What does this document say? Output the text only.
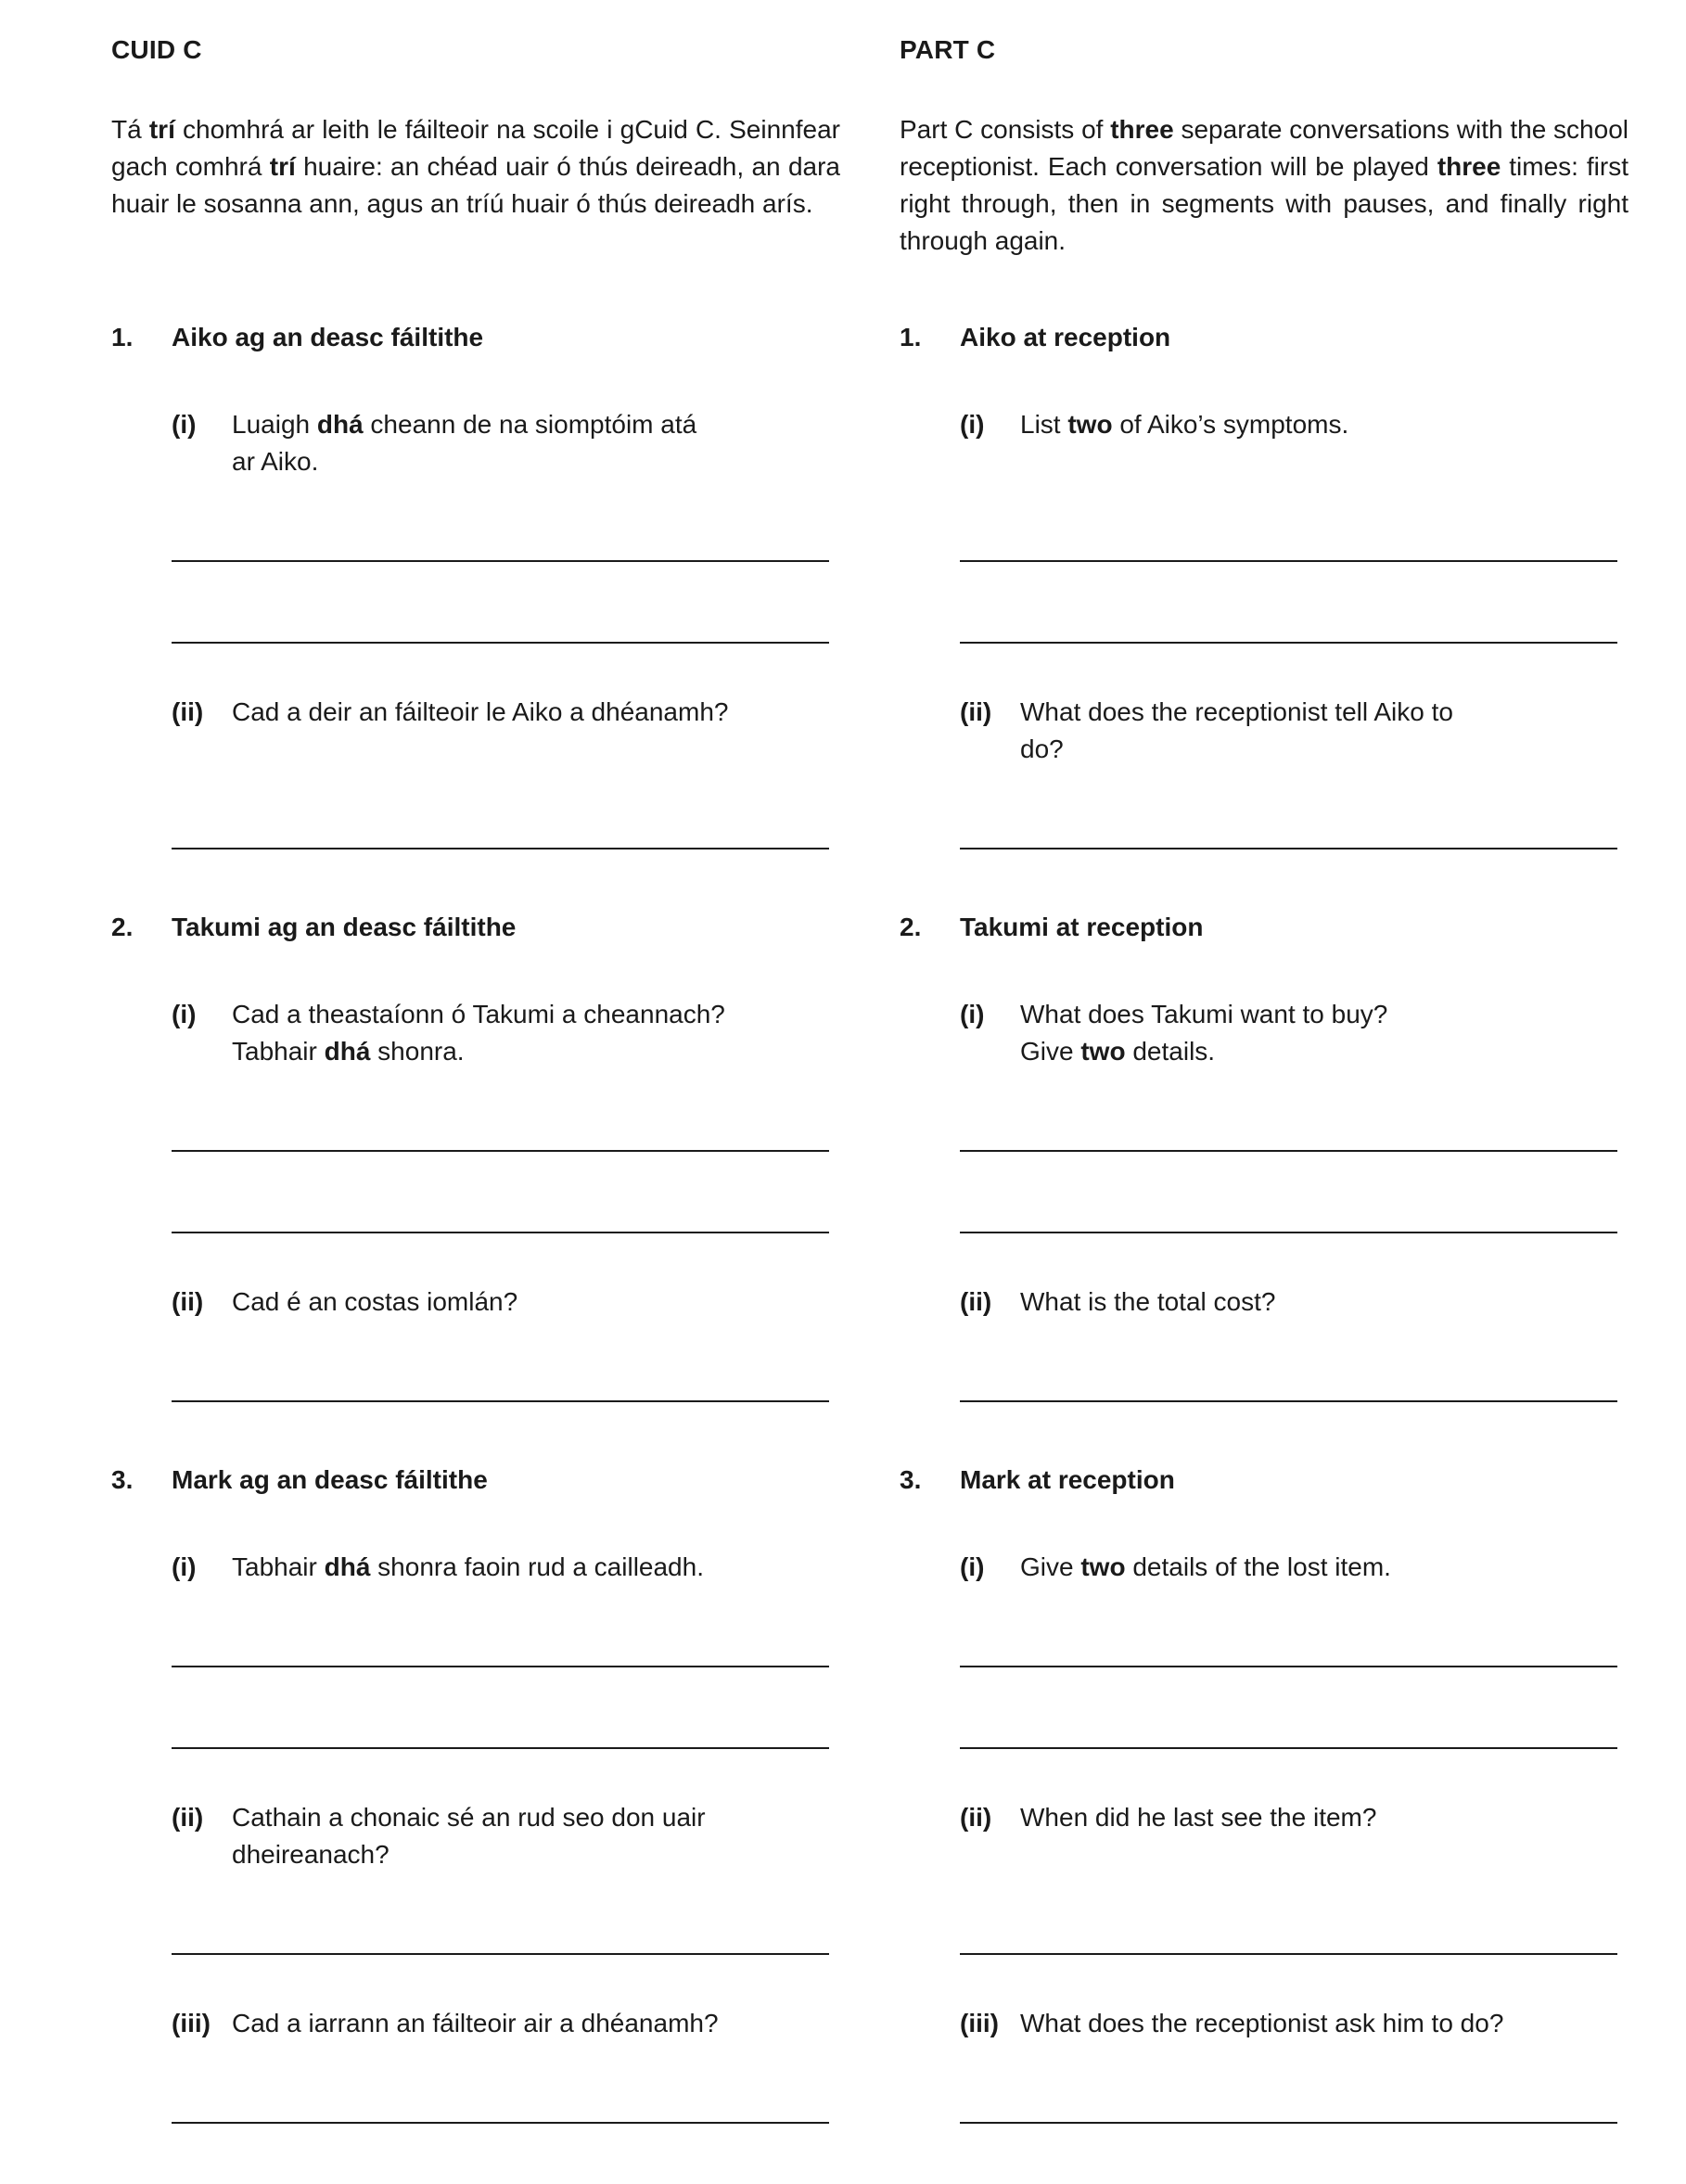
CUID C	PART C
Tá trí chomhrá ar leith le fáilteoir na scoile i gCuid C. Seinnfear gach comhrá trí huaire: an chéad uair ó thús deireadh, an dara huair le sosanna ann, agus an tríú huair ó thús deireadh arís.
Part C consists of three separate conversations with the school receptionist. Each conversation will be played three times: first right through, then in segments with pauses, and finally right through again.
1.	Aiko ag an deasc fáiltithe	1.	Aiko at reception
(i)	Luaigh dhá cheann de na siomptóim atá
ar Aiko.
(i)	List two of Aiko’s symptoms.
(ii)	Cad a deir an fáilteoir le Aiko a dhéanamh?	(ii)	What does the receptionist tell Aiko to
do?
2.	Takumi ag an deasc fáiltithe	2.	Takumi at reception
(i)	Cad a theastaíonn ó Takumi a cheannach?
Tabhair dhá shonra.
(i)	What does Takumi want to buy?
Give two details.
(ii)	Cad é an costas iomlán?	(ii)	What is the total cost?
3.	Mark ag an deasc fáiltithe	3.	Mark at reception
(i)	Tabhair dhá shonra faoin rud a cailleadh.	(i)	Give two details of the lost item.
(ii)	Cathain a chonaic sé an rud seo don uair
dheireanach?
(ii)	When did he last see the item?
(iii) Cad a iarrann an fáilteoir air a dhéanamh?	(iii) What does the receptionist ask him to do?
